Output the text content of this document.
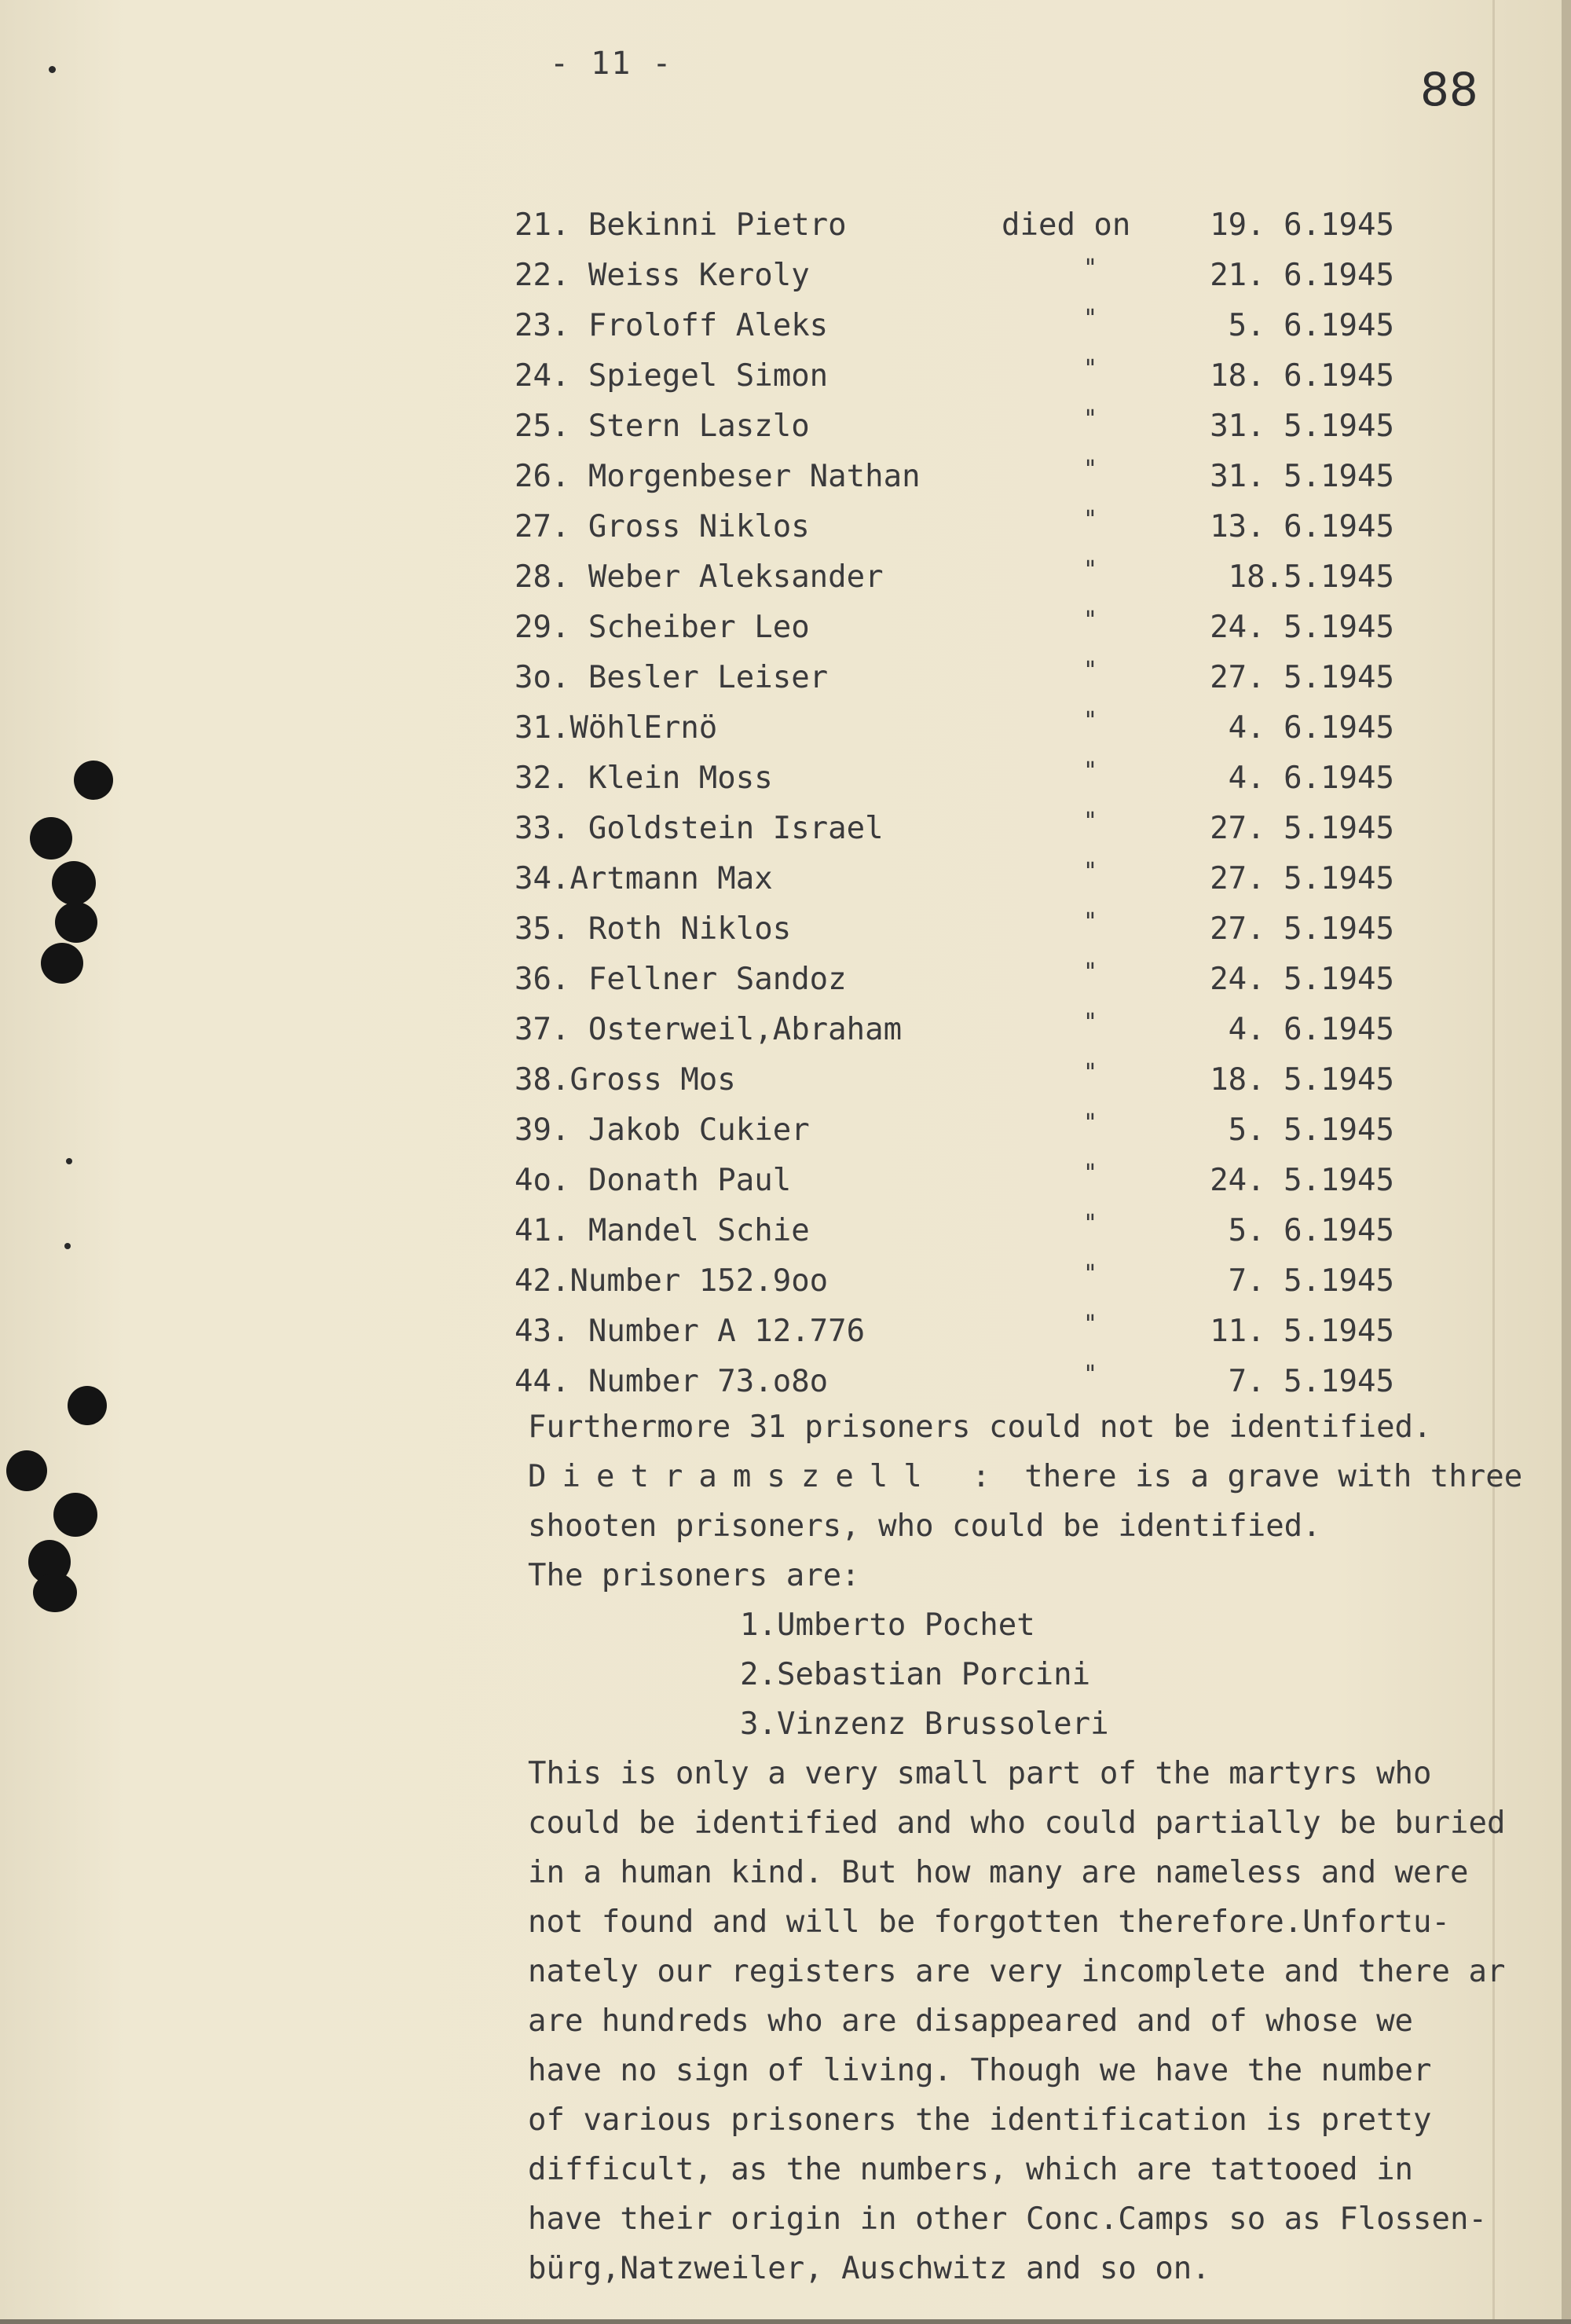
- 11 -	88
21. Bekinni Pietro	died on	19. 6.1945
22. Weiss Keroly	"	21. 6.1945
23. Froloff Aleks	"	5. 6.1945
24. Spiegel Simon	"	18. 6.1945
25. Stern Laszlo	"	31. 5.1945
26. Morgenbeser Nathan	"	31. 5.1945
27. Gross Niklos	"	13. 6.1945
28. Weber Aleksander	"	18.5.1945
29. Scheiber Leo	"	24. 5.1945
3o. Besler Leiser	"	27. 5.1945
31.WöhlErnö	"	4. 6.1945
32. Klein Moss	"	4. 6.1945
33. Goldstein Israel	"	27. 5.1945
34.Artmann Max	"	27. 5.1945
35. Roth Niklos	"	27. 5.1945
36. Fellner Sandoz	"	24. 5.1945
37. Osterweil,Abraham	"	4. 6.1945
38.Gross Mos	"	18. 5.1945
39. Jakob Cukier	"	5. 5.1945
4o. Donath Paul	"	24. 5.1945
41. Mandel Schie	"	5. 6.1945
42.Number 152.9oo	"	7. 5.1945
43. Number A 12.776	"	11. 5.1945
44. Number 73.o8o	"	7. 5.1945
Furthermore 31 prisoners could not be identified.
Dietramszell : there is a grave with three
shooten prisoners, who could be identified.
The prisoners are:
1.Umberto Pochet
2.Sebastian Porcini
3.Vinzenz Brussoleri
This is only a very small part of the martyrs who
could be identified and who could partially be buried
in a human kind. But how many are nameless and were
not found and will be forgotten therefore.Unfortu-
nately our registers are very incomplete and there ar
are hundreds who are disappeared and of whose we
have no sign of living. Though we have the number
of various prisoners the identification is pretty
difficult, as the numbers, which are tattooed in
have their origin in other Conc.Camps so as Flossen-
bürg,Natzweiler, Auschwitz and so on.
